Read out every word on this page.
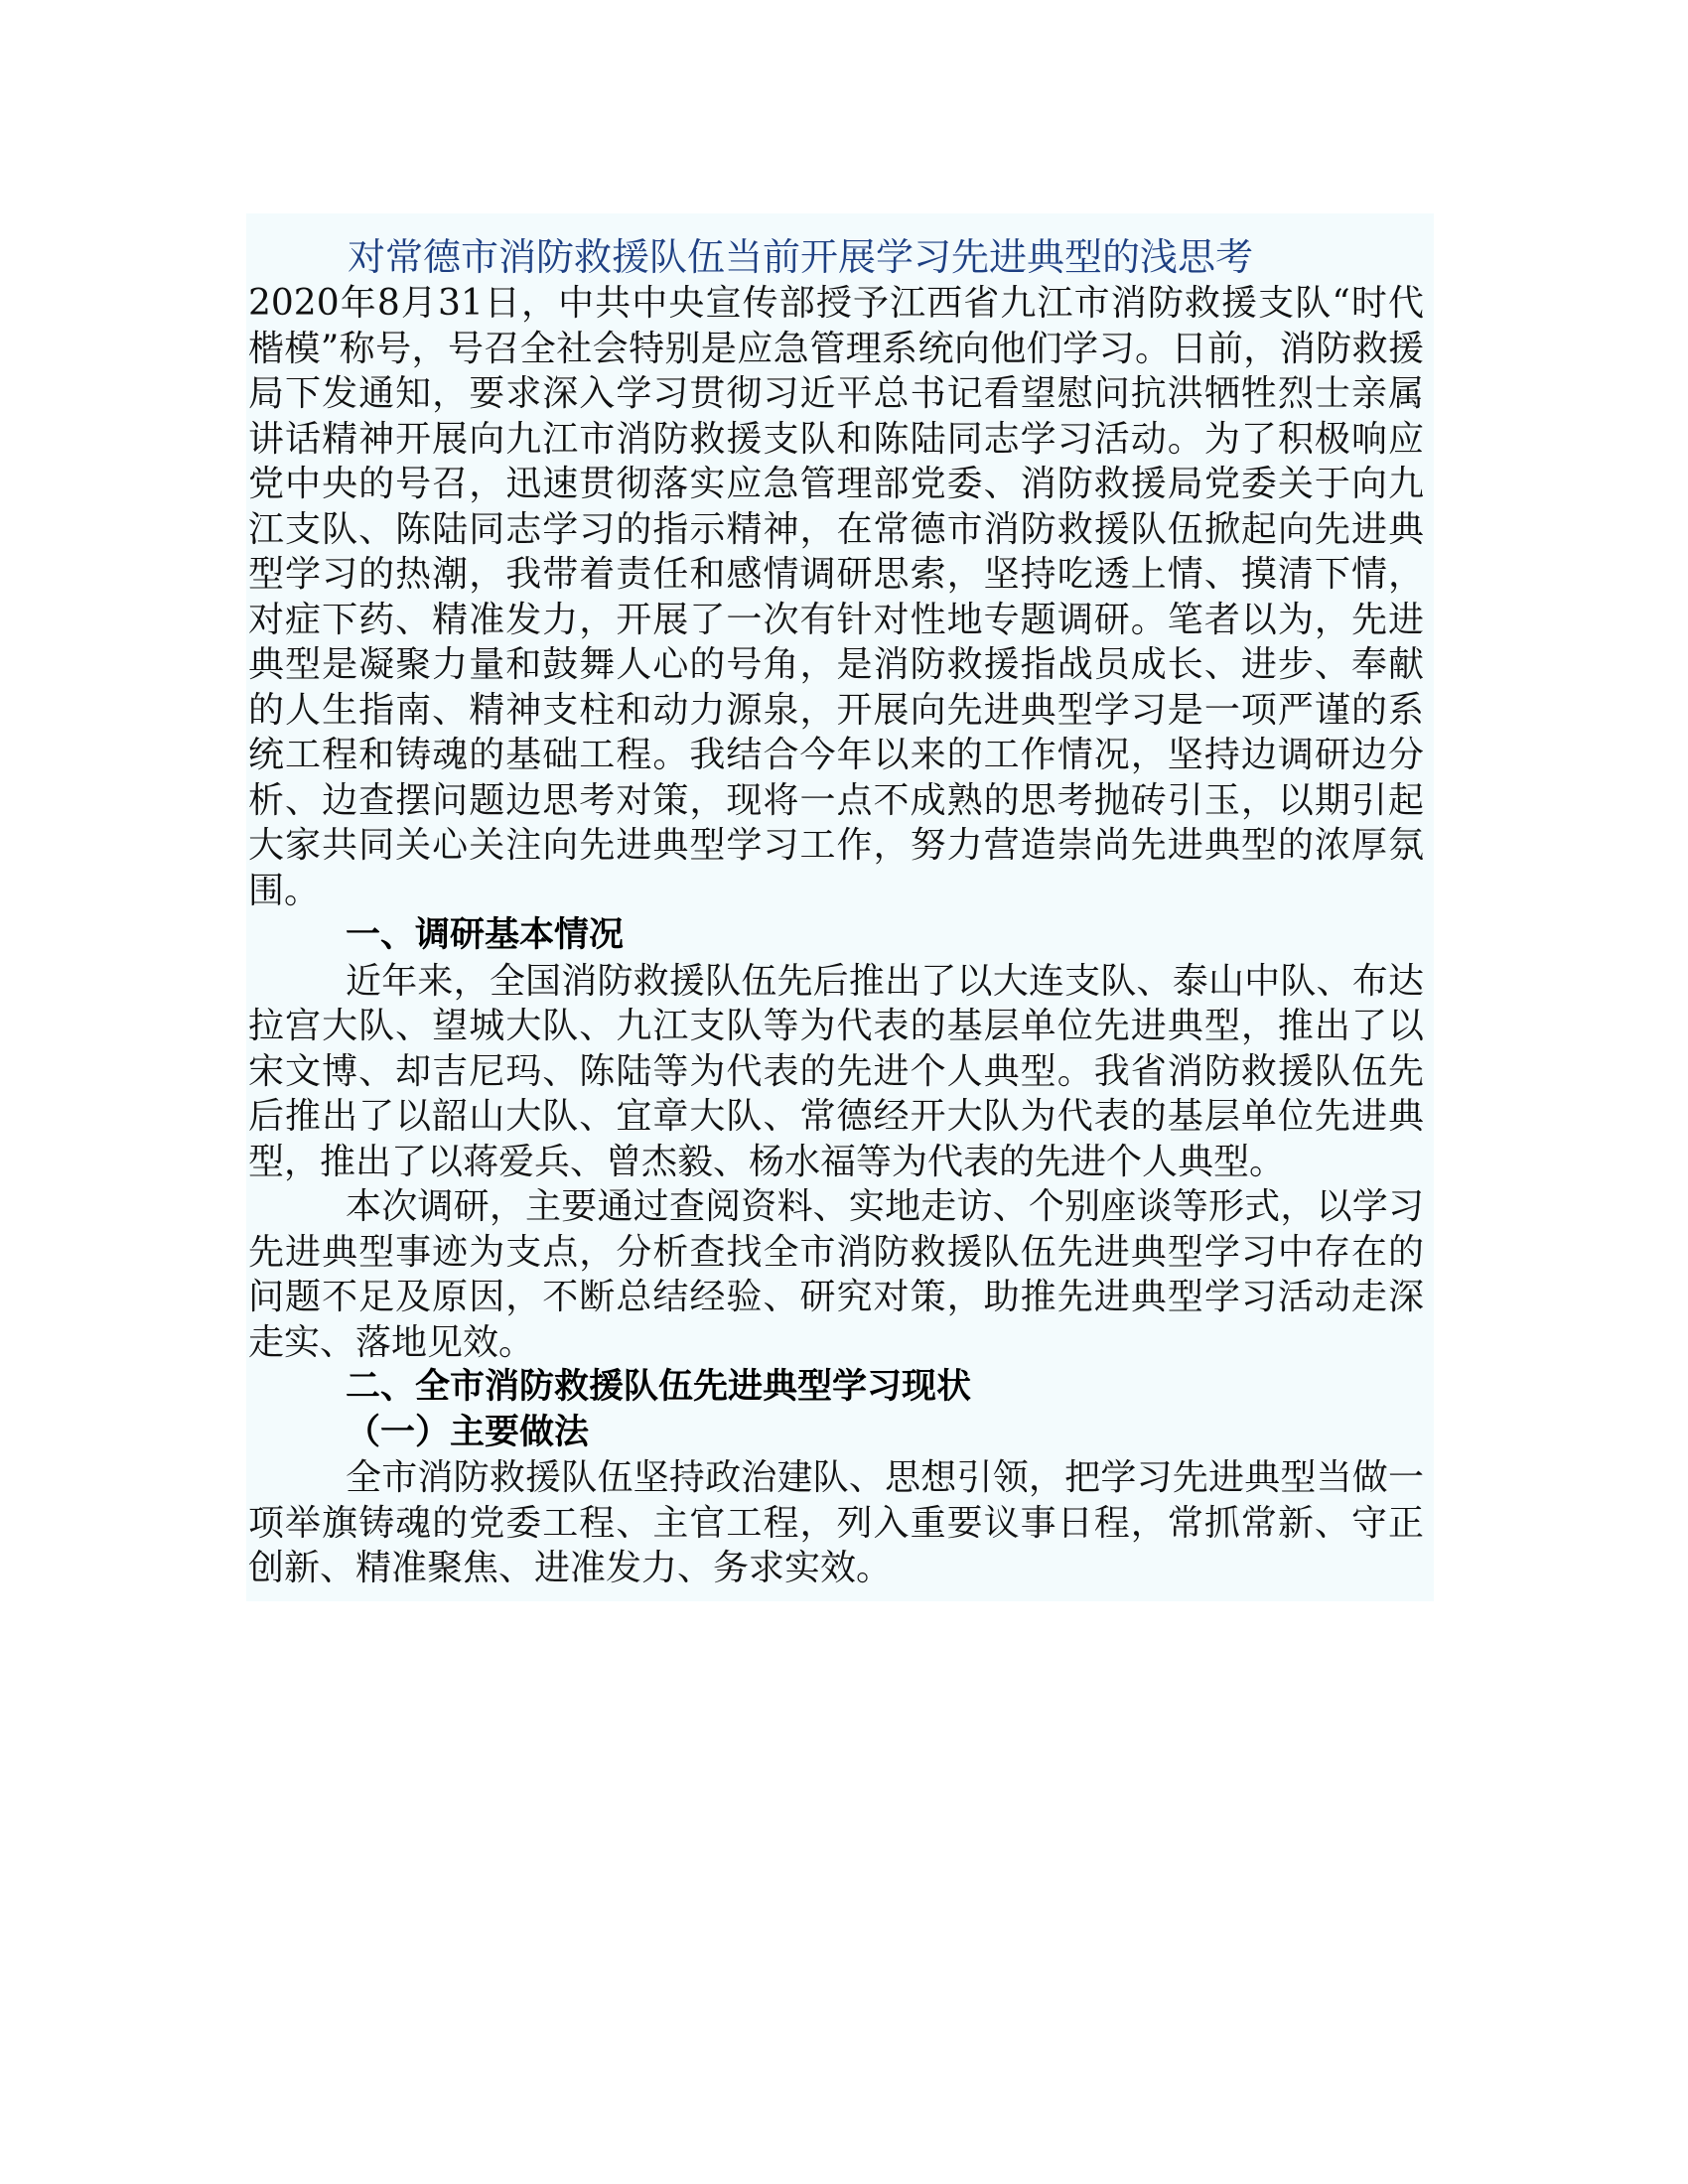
对常德市消防救援队伍当前开展学习先进典型的浅思考

2020年8月31日，中共中央宣传部授予江西省九江市消防救援支队“时代楷模”称号，号召全社会特别是应急管理系统向他们学习。日前，消防救援局下发通知，要求深入学习贯彻习近平总书记看望慰问抗洪牺牲烈士亲属讲话精神开展向九江市消防救援支队和陈陆同志学习活动。为了积极响应党中央的号召，迅速贯彻落实应急管理部党委、消防救援局党委关于向九江支队、陈陆同志学习的指示精神，在常德市消防救援队伍掀起向先进典型学习的热潮，我带着责任和感情调研思索，坚持吃透上情、摸清下情，对症下药、精准发力，开展了一次有针对性地专题调研。笔者以为，先进典型是凝聚力量和鼓舞人心的号角，是消防救援指战员成长、进步、奉献的人生指南、精神支柱和动力源泉，开展向先进典型学习是一项严谨的系统工程和铸魂的基础工程。我结合今年以来的工作情况，坚持边调研边分析、边查摆问题边思考对策，现将一点不成熟的思考抛砖引玉，以期引起大家共同关心关注向先进典型学习工作，努力营造崇尚先进典型的浓厚氛围。

一、调研基本情况

近年来，全国消防救援队伍先后推出了以大连支队、泰山中队、布达拉宫大队、望城大队、九江支队等为代表的基层单位先进典型，推出了以宋文博、却吉尼玛、陈陆等为代表的先进个人典型。我省消防救援队伍先后推出了以韶山大队、宜章大队、常德经开大队为代表的基层单位先进典型，推出了以蒋爱兵、曾杰毅、杨水福等为代表的先进个人典型。

本次调研，主要通过查阅资料、实地走访、个别座谈等形式，以学习先进典型事迹为支点，分析查找全市消防救援队伍先进典型学习中存在的问题不足及原因，不断总结经验、研究对策，助推先进典型学习活动走深走实、落地见效。

二、全市消防救援队伍先进典型学习现状
（一）主要做法

全市消防救援队伍坚持政治建队、思想引领，把学习先进典型当做一项举旗铸魂的党委工程、主官工程，列入重要议事日程，常抓常新、守正创新、精准聚焦、进准发力、务求实效。
